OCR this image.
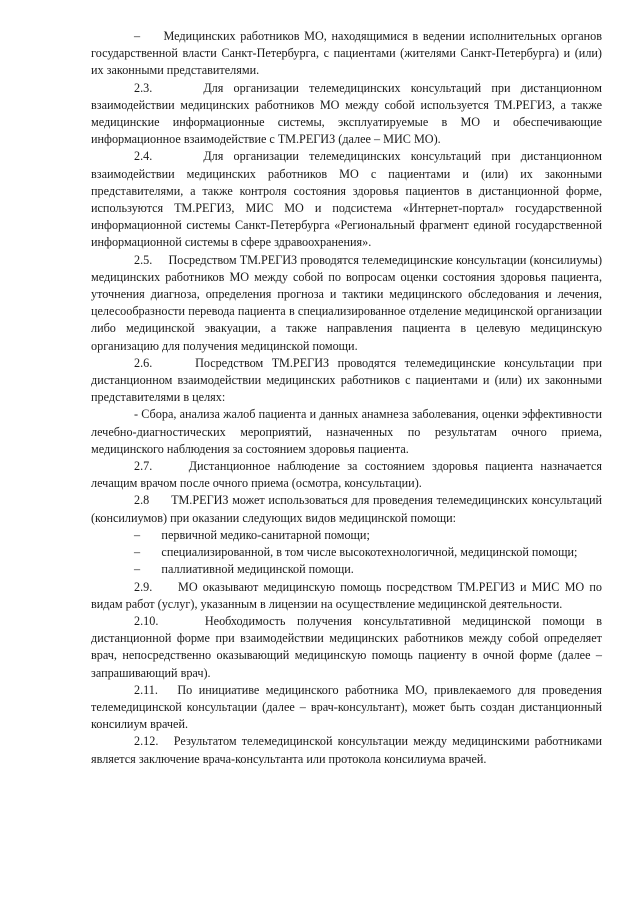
–     Медицинских работников МО, находящимися в ведении исполнительных органов государственной власти Санкт-Петербурга, с пациентами (жителями Санкт-Петербурга) и (или) их законными представителями.

2.3.     Для организации телемедицинских консультаций при дистанционном взаимодействии медицинских работников МО между собой используется ТМ.РЕГИЗ, а также медицинские информационные системы, эксплуатируемые в МО и обеспечивающие информационное взаимодействие с ТМ.РЕГИЗ (далее – МИС МО).

2.4.     Для организации телемедицинских консультаций при дистанционном взаимодействии медицинских работников МО с пациентами и (или) их законными представителями, а также контроля состояния здоровья пациентов в дистанционной форме, используются ТМ.РЕГИЗ, МИС МО и подсистема «Интернет-портал» государственной информационной системы Санкт-Петербурга «Региональный фрагмент единой государственной информационной системы в сфере здравоохранения».

2.5.     Посредством ТМ.РЕГИЗ проводятся телемедицинские консультации (консилиумы) медицинских работников МО между собой по вопросам оценки состояния здоровья пациента, уточнения диагноза, определения прогноза и тактики медицинского обследования и лечения, целесообразности перевода пациента в специализированное отделение медицинской организации либо медицинской эвакуации, а также направления пациента в целевую медицинскую организацию для получения медицинской помощи.

2.6.     Посредством ТМ.РЕГИЗ проводятся телемедицинские консультации при дистанционном взаимодействии медицинских работников с пациентами и (или) их законными представителями в целях:

- Сбора, анализа жалоб пациента и данных анамнеза заболевания, оценки эффективности лечебно-диагностических мероприятий, назначенных по результатам очного приема, медицинского наблюдения за состоянием здоровья пациента.

2.7.     Дистанционное наблюдение за состоянием здоровья пациента назначается лечащим врачом после очного приема (осмотра, консультации).

2.8      ТМ.РЕГИЗ может использоваться для проведения телемедицинских консультаций (консилиумов) при оказании следующих видов медицинской помощи:

–       первичной медико-санитарной помощи;

–       специализированной, в том числе высокотехнологичной, медицинской помощи;

–       паллиативной медицинской помощи.

2.9.     МО оказывают медицинскую помощь посредством ТМ.РЕГИЗ и МИС МО по видам работ (услуг), указанным в лицензии на осуществление медицинской деятельности.

2.10.    Необходимость получения консультативной медицинской помощи в дистанционной форме при взаимодействии медицинских работников между собой определяет врач, непосредственно оказывающий медицинскую помощь пациенту в очной форме (далее – запрашивающий врач).

2.11.   По инициативе медицинского работника МО, привлекаемого для проведения телемедицинской консультации (далее – врач-консультант), может быть создан дистанционный консилиум врачей.

2.12.   Результатом телемедицинской консультации между медицинскими работниками является заключение врача-консультанта или протокола консилиума врачей.
